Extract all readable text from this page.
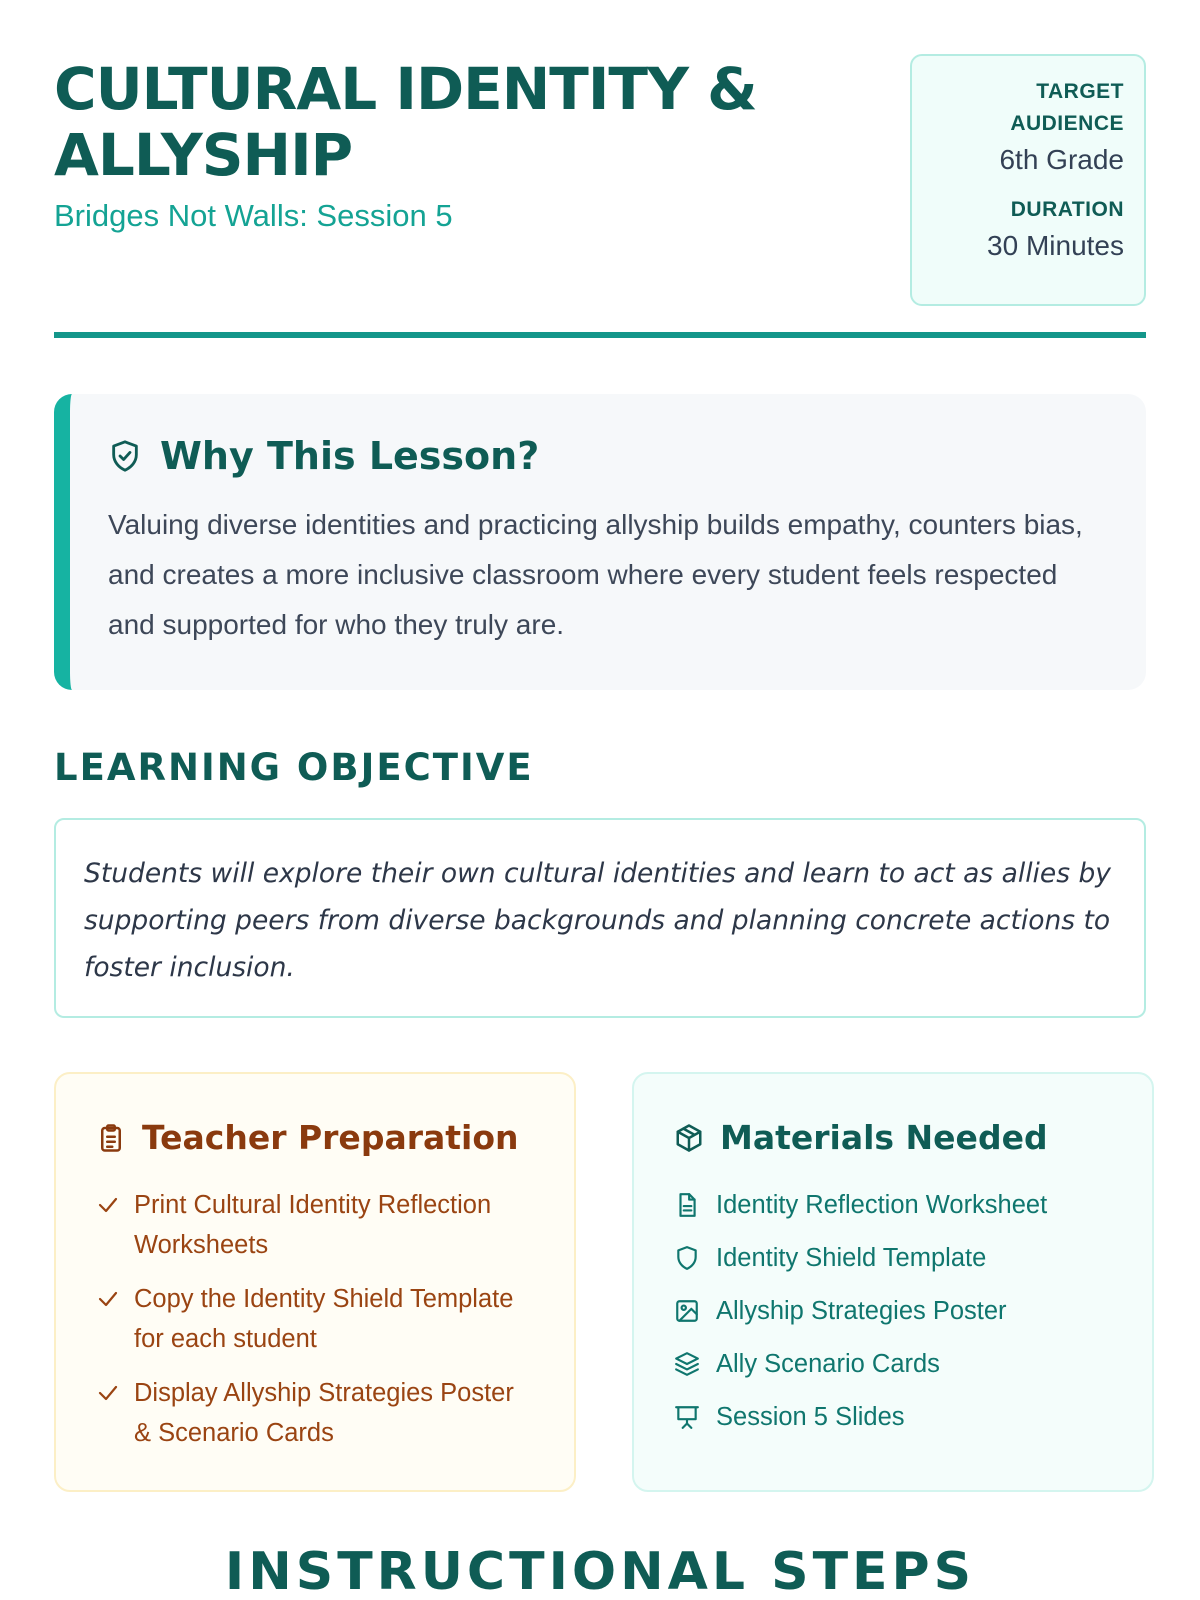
CULTURAL IDENTITY & ALLYSHIP
Bridges Not Walls: Session 5
TARGET AUDIENCE
6th Grade
DURATION
30 Minutes
Why This Lesson?

Valuing diverse identities and practicing allyship builds empathy, counters bias, and creates a more inclusive classroom where every student feels respected and supported for who they truly are.

LEARNING OBJECTIVE

Students will explore their own cultural identities and learn to act as allies by supporting peers from diverse backgrounds and planning concrete actions to foster inclusion.

Teacher Preparation
Print Cultural Identity Reflection Worksheets
Copy the Identity Shield Template for each student
Display Allyship Strategies Poster & Scenario Cards
Materials Needed
Identity Reflection Worksheet
Identity Shield Template
Allyship Strategies Poster
Ally Scenario Cards
Session 5 Slides
INSTRUCTIONAL STEPS
